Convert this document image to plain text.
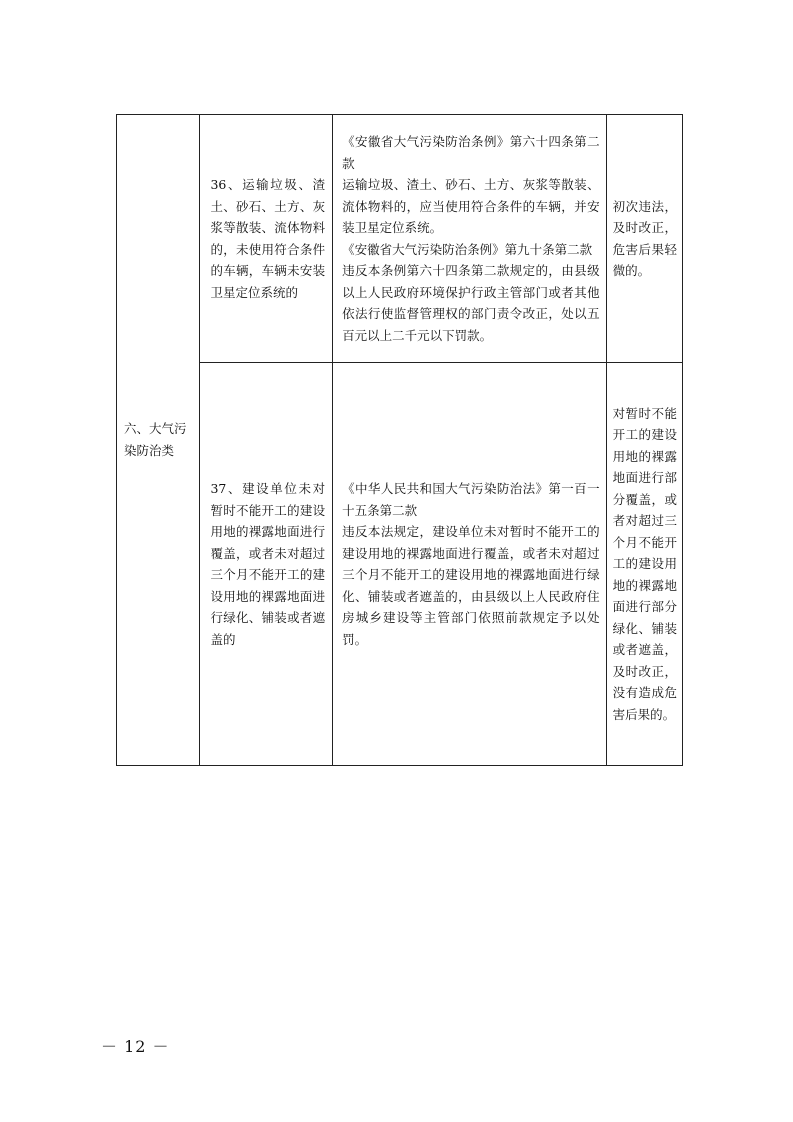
六、大气污染防治类	36、运输垃圾、渣土、砂石、土方、灰浆等散装、流体物料的，未使用符合条件的车辆，车辆未安装卫星定位系统的	《安徽省大气污染防治条例》第六十四条第二款

运输垃圾、渣土、砂石、土方、灰浆等散装、流体物料的，应当使用符合条件的车辆，并安装卫星定位系统。

《安徽省大气污染防治条例》第九十条第二款

违反本条例第六十四条第二款规定的，由县级以上人民政府环境保护行政主管部门或者其他依法行使监督管理权的部门责令改正，处以五百元以上二千元以下罚款。	初次违法，及时改正，危害后果轻微的。

	37、建设单位未对暂时不能开工的建设用地的裸露地面进行覆盖，或者未对超过三个月不能开工的建设用地的裸露地面进行绿化、铺装或者遮盖的	《中华人民共和国大气污染防治法》第一百一十五条第二款

违反本法规定，建设单位未对暂时不能开工的建设用地的裸露地面进行覆盖，或者未对超过三个月不能开工的建设用地的裸露地面进行绿化、铺装或者遮盖的，由县级以上人民政府住房城乡建设等主管部门依照前款规定予以处罚。	对暂时不能开工的建设用地的裸露地面进行部分覆盖，或者对超过三个月不能开工的建设用地的裸露地面进行部分绿化、铺装或者遮盖，及时改正，没有造成危害后果的。
－ 12 －
